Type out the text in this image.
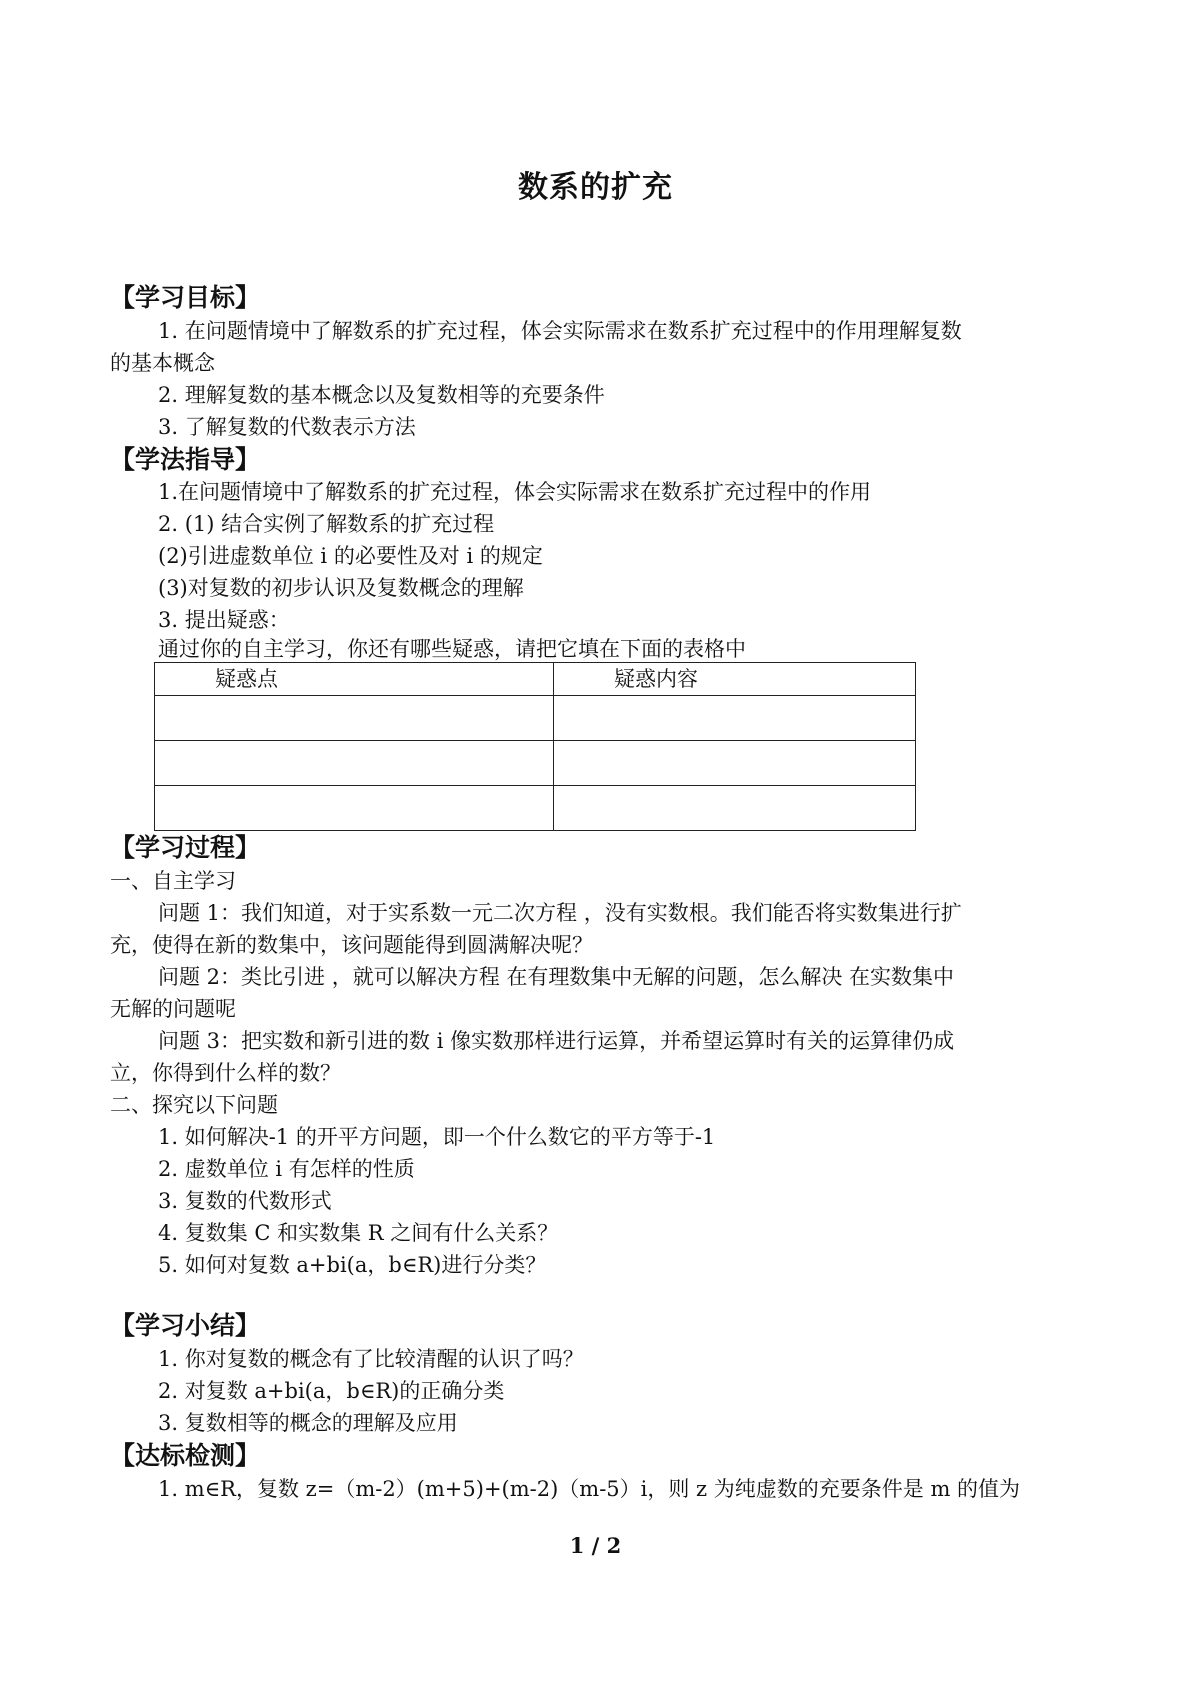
数系的扩充
【学习目标】
1. 在问题情境中了解数系的扩充过程，体会实际需求在数系扩充过程中的作用理解复数
的基本概念
2. 理解复数的基本概念以及复数相等的充要条件
3. 了解复数的代数表示方法
【学法指导】
1.在问题情境中了解数系的扩充过程，体会实际需求在数系扩充过程中的作用
2. (1) 结合实例了解数系的扩充过程
(2)引进虚数单位 i 的必要性及对 i 的规定
(3)对复数的初步认识及复数概念的理解
3. 提出疑惑：
通过你的自主学习，你还有哪些疑惑，请把它填在下面的表格中
疑惑点	疑惑内容

【学习过程】
一、自主学习
问题 1：我们知道，对于实系数一元二次方程 ，没有实数根。我们能否将实数集进行扩
充，使得在新的数集中，该问题能得到圆满解决呢？
问题 2：类比引进 ，就可以解决方程 在有理数集中无解的问题，怎么解决 在实数集中
无解的问题呢
问题 3：把实数和新引进的数 i 像实数那样进行运算，并希望运算时有关的运算律仍成
立，你得到什么样的数？
二、探究以下问题
1. 如何解决-1 的开平方问题，即一个什么数它的平方等于-1
2. 虚数单位 i 有怎样的性质
3. 复数的代数形式
4. 复数集 C 和实数集 R 之间有什么关系？
5. 如何对复数 a+bi(a，b∈R)进行分类？
【学习小结】
1. 你对复数的概念有了比较清醒的认识了吗？
2. 对复数 a+bi(a，b∈R)的正确分类
3. 复数相等的概念的理解及应用
【达标检测】
1. m∈R，复数 z=（m-2）(m+5)+(m-2)（m-5）i，则 z 为纯虚数的充要条件是 m 的值为
1 / 2
